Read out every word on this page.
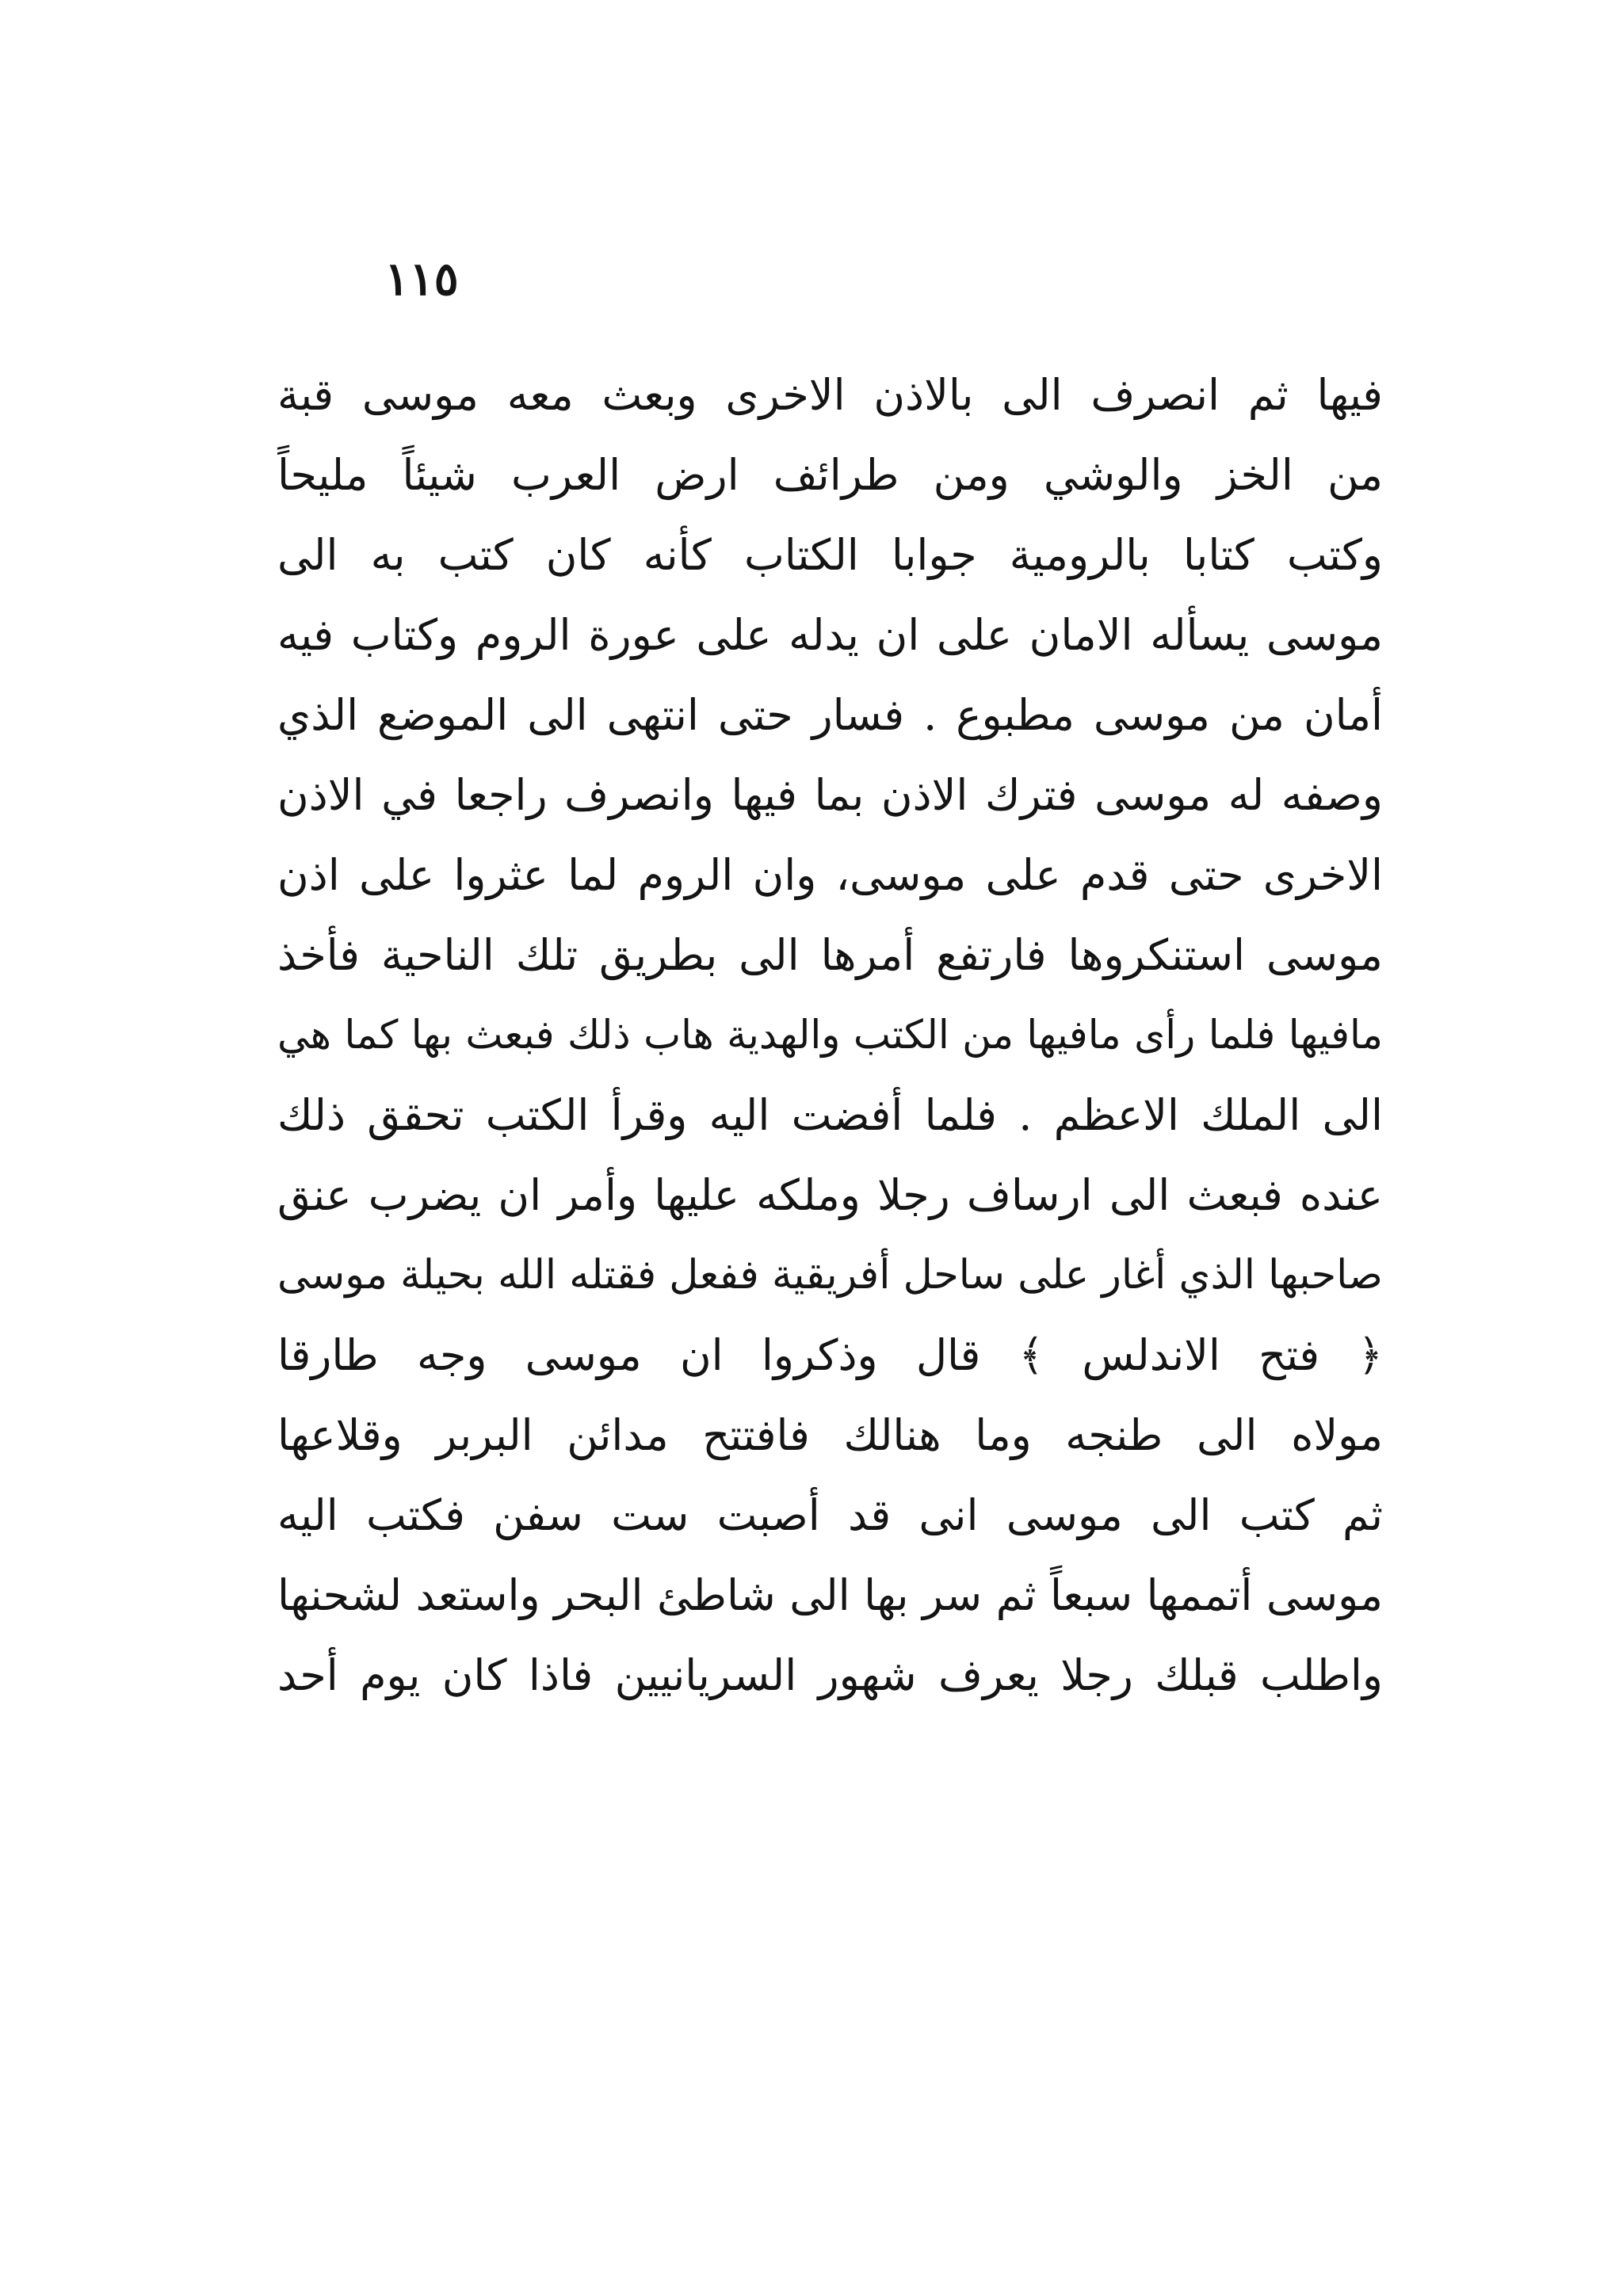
١١٥
فيها ثم انصرف الى بالاذن الاخرى وبعث معه موسى قبة
من الخز والوشي ومن طرائف ارض العرب شيئاً مليحاً
وكتب كتابا بالرومية جوابا الكتاب كأنه كان كتب به الى
موسى يسأله الامان على ان يدله على عورة الروم وكتاب فيه
أمان من موسى مطبوع . فسار حتى انتهى الى الموضع الذي
وصفه له موسى فترك الاذن بما فيها وانصرف راجعا في الاذن
الاخرى حتى قدم على موسى، وان الروم لما عثروا على اذن
موسى استنكروها فارتفع أمرها الى بطريق تلك الناحية فأخذ
مافيها فلما رأى مافيها من الكتب والهدية هاب ذلك فبعث بها كما هي
الى الملك الاعظم . فلما أفضت اليه وقرأ الكتب تحقق ذلك
عنده فبعث الى ارساف رجلا وملكه عليها وأمر ان يضرب عنق
صاحبها الذي أغار على ساحل أفريقية ففعل فقتله الله بحيلة موسى
﴿ فتح الاندلس ﴾ قال وذكروا ان موسى وجه طارقا
مولاه الى طنجه وما هنالك فافتتح مدائن البربر وقلاعها
ثم كتب الى موسى انى قد أصبت ست سفن فكتب اليه
موسى أتممها سبعاً ثم سر بها الى شاطئ البحر واستعد لشحنها
واطلب قبلك رجلا يعرف شهور السريانيين فاذا كان يوم أحد
